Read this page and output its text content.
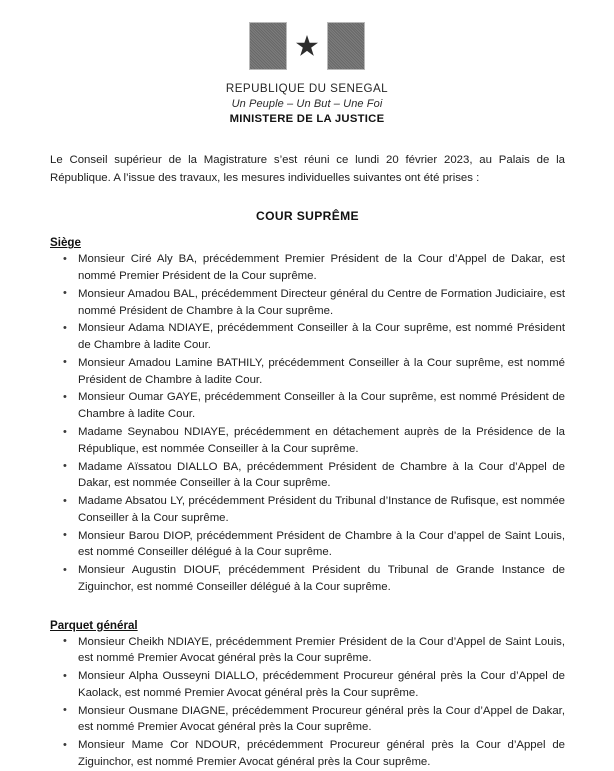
REPUBLIQUE DU SENEGAL
Un Peuple – Un But – Une Foi
MINISTERE DE LA JUSTICE

Le Conseil supérieur de la Magistrature s’est réuni ce lundi 20 février 2023, au Palais de la République. A l’issue des travaux, les mesures individuelles suivantes ont été prises :

COUR SUPRÊME
Siège
• Monsieur Ciré Aly BA, précédemment Premier Président de la Cour d’Appel de Dakar, est nommé Premier Président de la Cour suprême.
• Monsieur Amadou BAL, précédemment Directeur général du Centre de Formation Judiciaire, est nommé Président de Chambre à la Cour suprême.
• Monsieur Adama NDIAYE, précédemment Conseiller à la Cour suprême, est nommé Président de Chambre à ladite Cour.
• Monsieur Amadou Lamine BATHILY, précédemment Conseiller à la Cour suprême, est nommé Président de Chambre à ladite Cour.
• Monsieur Oumar GAYE, précédemment Conseiller à la Cour suprême, est nommé Président de Chambre à ladite Cour.
• Madame Seynabou NDIAYE, précédemment en détachement auprès de la Présidence de la République, est nommée Conseiller à la Cour suprême.
• Madame Aïssatou DIALLO BA, précédemment Président de Chambre à la Cour d’Appel de Dakar, est nommée Conseiller à la Cour suprême.
• Madame Absatou LY, précédemment Président du Tribunal d’Instance de Rufisque, est nommée Conseiller à la Cour suprême.
• Monsieur Barou DIOP, précédemment Président de Chambre à la Cour d’appel de Saint Louis, est nommé Conseiller délégué à la Cour suprême.
• Monsieur Augustin DIOUF, précédemment Président du Tribunal de Grande Instance de Ziguinchor, est nommé Conseiller délégué à la Cour suprême.
Parquet général
• Monsieur Cheikh NDIAYE, précédemment Premier Président de la Cour d’Appel de Saint Louis, est nommé Premier Avocat général près la Cour suprême.
• Monsieur Alpha Ousseyni DIALLO, précédemment Procureur général près la Cour d’Appel de Kaolack, est nommé Premier Avocat général près la Cour suprême.
• Monsieur Ousmane DIAGNE, précédemment Procureur général près la Cour d’Appel de Dakar, est nommé Premier Avocat général près la Cour suprême.
• Monsieur Mame Cor NDOUR, précédemment Procureur général près la Cour d’Appel de Ziguinchor, est nommé Premier Avocat général près la Cour suprême.
